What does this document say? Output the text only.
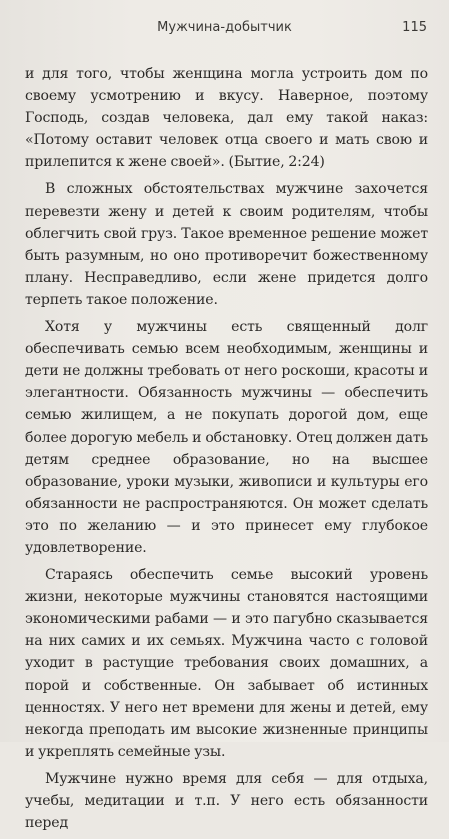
Мужчина-добытчик	115

и для того, чтобы женщина могла устроить дом по своему усмотрению и вкусу. Наверное, поэтому Господь, создав человека, дал ему такой наказ: «Потому оставит человек отца своего и мать свою и прилепится к жене своей». (Бытие, 2:24)

В сложных обстоятельствах мужчине захочется перевезти жену и детей к своим родителям, чтобы облегчить свой груз. Такое временное решение может быть разумным, но оно противоречит божественному плану. Несправедливо, если жене придется долго терпеть такое положение.

Хотя у мужчины есть священный долг обеспечивать семью всем необходимым, женщины и дети не должны требовать от него роскоши, красоты и элегантности. Обязанность мужчины — обеспечить семью жилищем, а не покупать дорогой дом, еще более дорогую мебель и обстановку. Отец должен дать детям среднее образование, но на высшее образование, уроки музыки, живописи и культуры его обязанности не распространяются. Он может сделать это по желанию — и это принесет ему глубокое удовлетворение.

Стараясь обеспечить семье высокий уровень жизни, некоторые мужчины становятся настоящими экономическими рабами — и это пагубно сказывается на них самих и их семьях. Мужчина часто с головой уходит в растущие требования своих домашних, а порой и собственные. Он забывает об истинных ценностях. У него нет времени для жены и детей, ему некогда преподать им высокие жизненные принципы и укреплять семейные узы.

Мужчине нужно время для себя — для отдыха, учебы, медитации и т.п. У него есть обязанности перед
